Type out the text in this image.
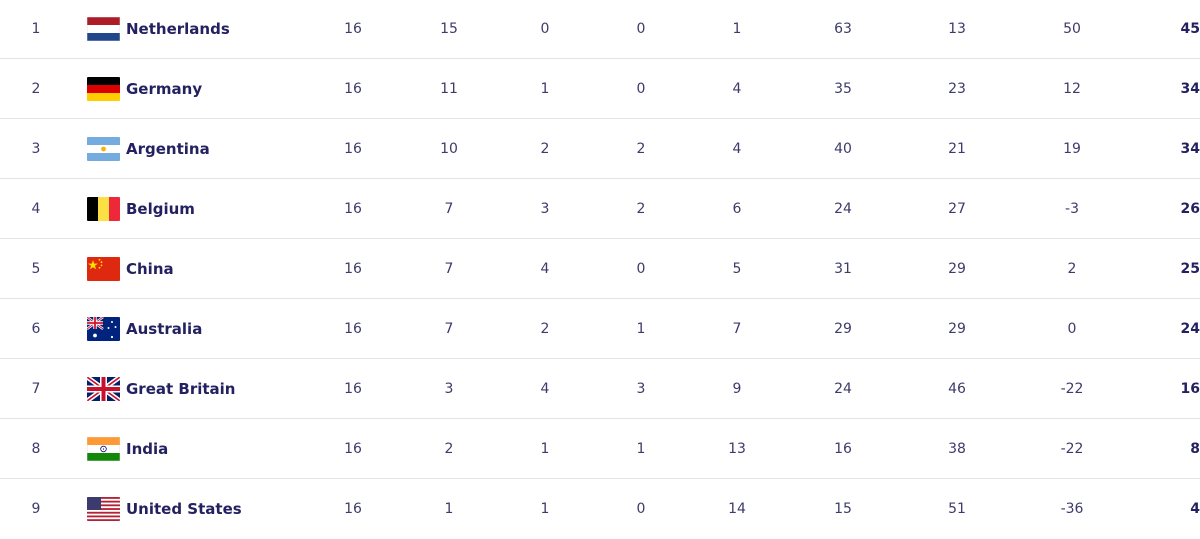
1	Netherlands	16	15	0	0	1	63	13	50	45
2	Germany	16	11	1	0	4	35	23	12	34
3	Argentina	16	10	2	2	4	40	21	19	34
4	Belgium	16	7	3	2	6	24	27	-3	26
5	China	16	7	4	0	5	31	29	2	25
6	Australia	16	7	2	1	7	29	29	0	24
7	Great Britain	16	3	4	3	9	24	46	-22	16
8	India	16	2	1	1	13	16	38	-22	8
9	United States	16	1	1	0	14	15	51	-36	4
